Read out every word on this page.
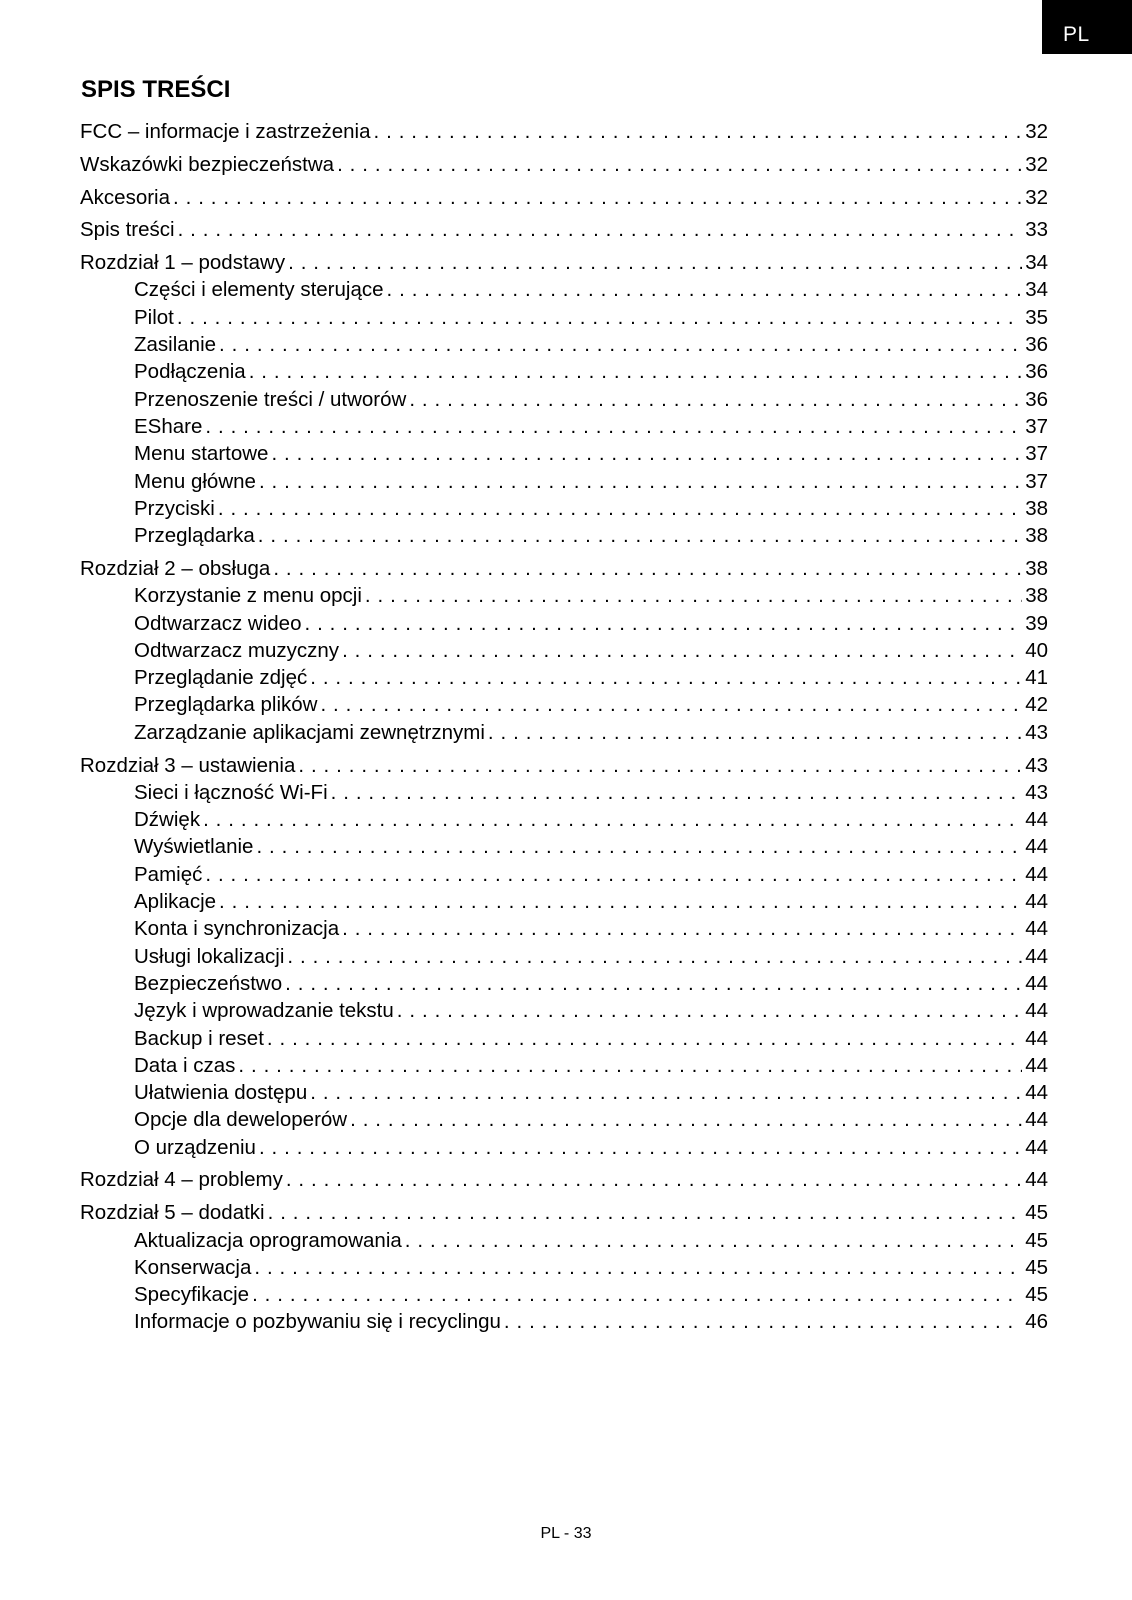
PL
SPIS TREŚCI
FCC – informacje i zastrzeżenia . . .	32
Wskazówki bezpieczeństwa . . .	32
Akcesoria . . .	32
Spis treści . . .	33
Rozdział 1 – podstawy . . .	34
Części i elementy sterujące . . .	34
Pilot . . .	35
Zasilanie . . .	36
Podłączenia . . .	36
Przenoszenie treści / utworów . . .	36
EShare . . .	37
Menu startowe . . .	37
Menu główne . . .	37
Przyciski . . .	38
Przeglądarka . . .	38
Rozdział 2 – obsługa . . .	38
Korzystanie z menu opcji . . .	38
Odtwarzacz wideo . . .	39
Odtwarzacz muzyczny . . .	40
Przeglądanie zdjęć . . .	41
Przeglądarka plików . . .	42
Zarządzanie aplikacjami zewnętrznymi . . .	43
Rozdział 3 – ustawienia . . .	43
Sieci i łączność Wi-Fi . . .	43
Dźwięk . . .	44
Wyświetlanie . . .	44
Pamięć . . .	44
Aplikacje . . .	44
Konta i synchronizacja . . .	44
Usługi lokalizacji . . .	44
Bezpieczeństwo . . .	44
Język i wprowadzanie tekstu . . .	44
Backup i reset . . .	44
Data i czas . . .	44
Ułatwienia dostępu . . .	44
Opcje dla deweloperów . . .	44
O urządzeniu . . .	44
Rozdział 4 – problemy . . .	44
Rozdział 5 – dodatki . . .	45
Aktualizacja oprogramowania . . .	45
Konserwacja . . .	45
Specyfikacje . . .	45
Informacje o pozbywaniu się i recyclingu . . .	46
PL - 33
